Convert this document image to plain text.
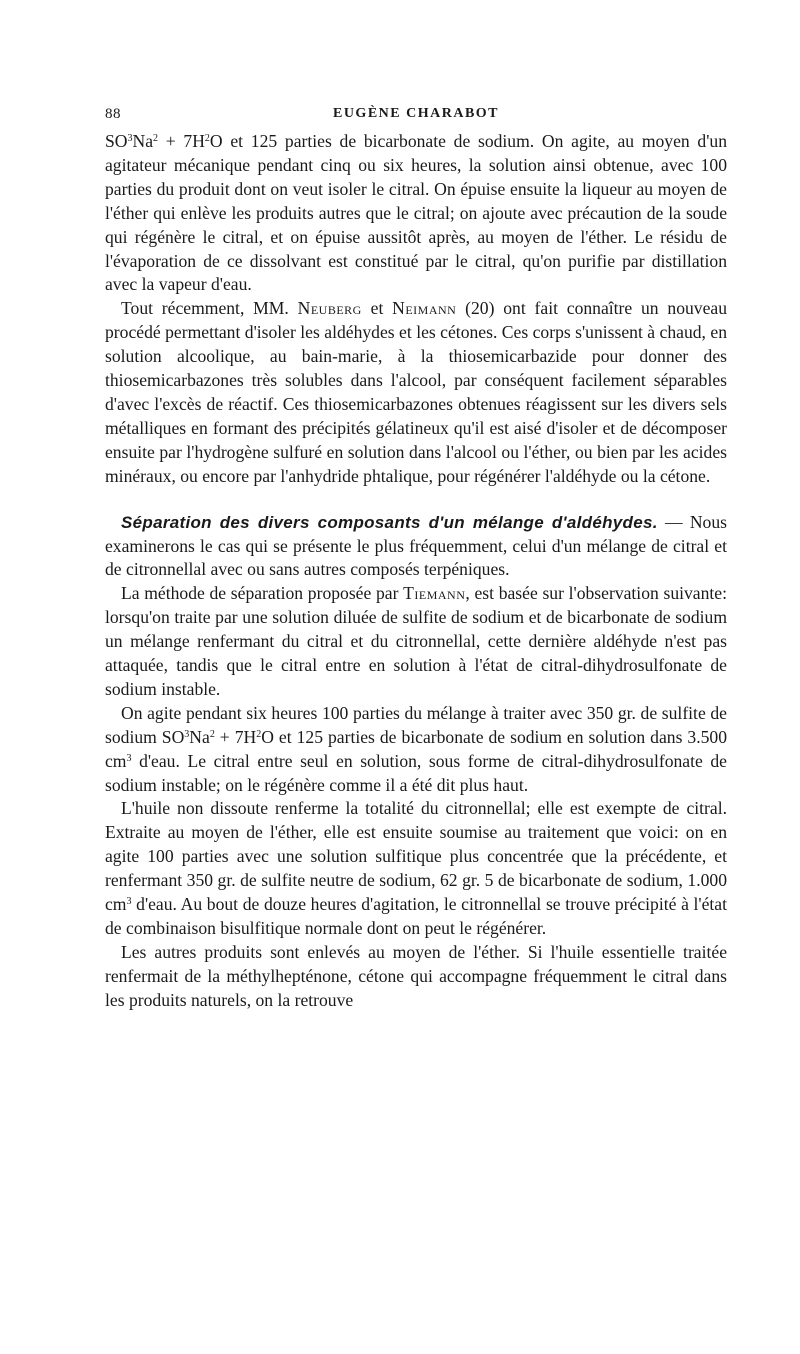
88	EUGÈNE CHARABOT

$SO^3Na^2 + 7H^2O$ et 125 parties de bicarbonate de sodium. On agite, au moyen d'un agitateur mécanique pendant cinq ou six heures, la solution ainsi obtenue, avec 100 parties du produit dont on veut isoler le citral. On épuise ensuite la liqueur au moyen de l'éther qui enlève les produits autres que le citral; on ajoute avec précaution de la soude qui régénère le citral, et on épuise aussitôt après, au moyen de l'éther. Le résidu de l'évaporation de ce dissolvant est constitué par le citral, qu'on purifie par distillation avec la vapeur d'eau.

Tout récemment, MM. Neuberg et Neimann (20) ont fait connaître un nouveau procédé permettant d'isoler les aldéhydes et les cétones. Ces corps s'unissent à chaud, en solution alcoolique, au bain-marie, à la thiosemicarbazide pour donner des thiosemicarbazones très solubles dans l'alcool, par conséquent facilement séparables d'avec l'excès de réactif. Ces thiosemicarbazones obtenues réagissent sur les divers sels métalliques en formant des précipités gélatineux qu'il est aisé d'isoler et de décomposer ensuite par l'hydrogène sulfuré en solution dans l'alcool ou l'éther, ou bien par les acides minéraux, ou encore par l'anhydride phtalique, pour régénérer l'aldéhyde ou la cétone.

Séparation des divers composants d'un mélange d'aldéhydes. — Nous examinerons le cas qui se présente le plus fréquemment, celui d'un mélange de citral et de citronnellal avec ou sans autres composés terpéniques.

La méthode de séparation proposée par Tiemann, est basée sur l'observation suivante: lorsqu'on traite par une solution diluée de sulfite de sodium et de bicarbonate de sodium un mélange renfermant du citral et du citronnellal, cette dernière aldéhyde n'est pas attaquée, tandis que le citral entre en solution à l'état de citral-dihydrosulfonate de sodium instable.

On agite pendant six heures 100 parties du mélange à traiter avec 350 gr. de sulfite de sodium $SO^3Na^2 + 7H^2O$ et 125 parties de bicarbonate de sodium en solution dans 3.500 $cm^3$ d'eau. Le citral entre seul en solution, sous forme de citral-dihydrosulfonate de sodium instable; on le régénère comme il a été dit plus haut.

L'huile non dissoute renferme la totalité du citronnellal; elle est exempte de citral. Extraite au moyen de l'éther, elle est ensuite soumise au traitement que voici: on en agite 100 parties avec une solution sulfitique plus concentrée que la précédente, et renfermant 350 gr. de sulfite neutre de sodium, 62 gr. 5 de bicarbonate de sodium, 1.000 $cm^3$ d'eau. Au bout de douze heures d'agitation, le citronnellal se trouve précipité à l'état de combinaison bisulfitique normale dont on peut le régénérer.

Les autres produits sont enlevés au moyen de l'éther. Si l'huile essentielle traitée renfermait de la méthylhepténone, cétone qui accompagne fréquemment le citral dans les produits naturels, on la retrouve
